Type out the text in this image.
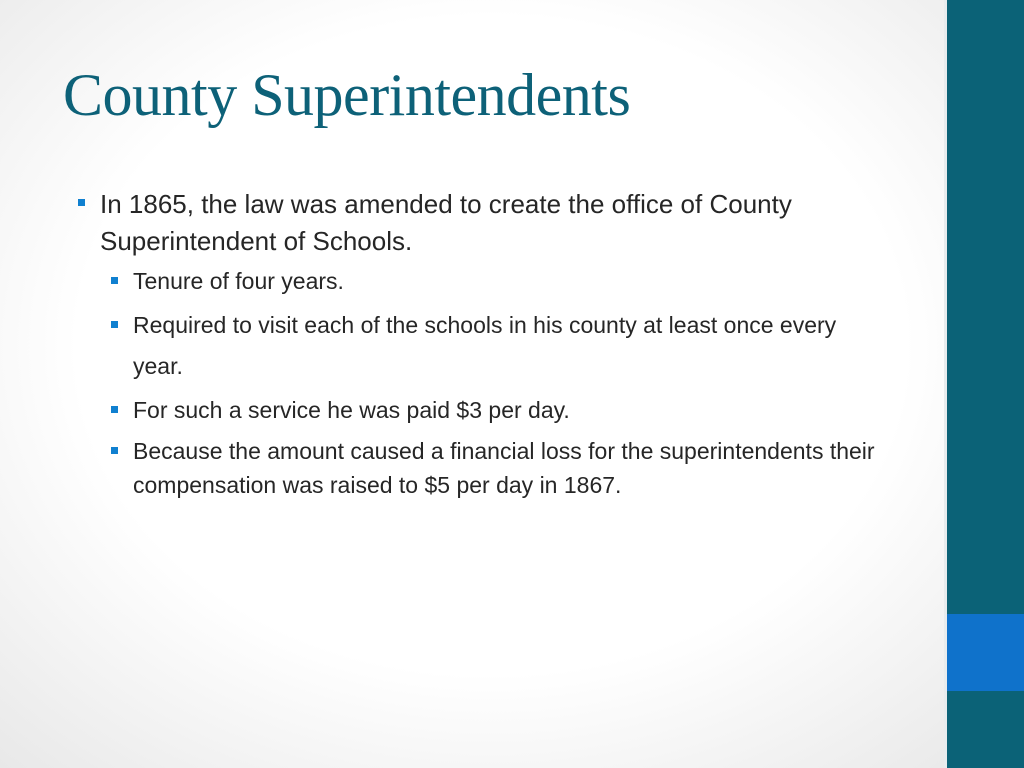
County Superintendents
In 1865, the law was amended to create the office of County Superintendent of Schools.
Tenure of four years.
Required to visit each of the schools in his county at least once every year.
For such a service he was paid $3 per day.
Because the amount caused a financial loss for the superintendents their compensation was raised to $5 per day in 1867.
